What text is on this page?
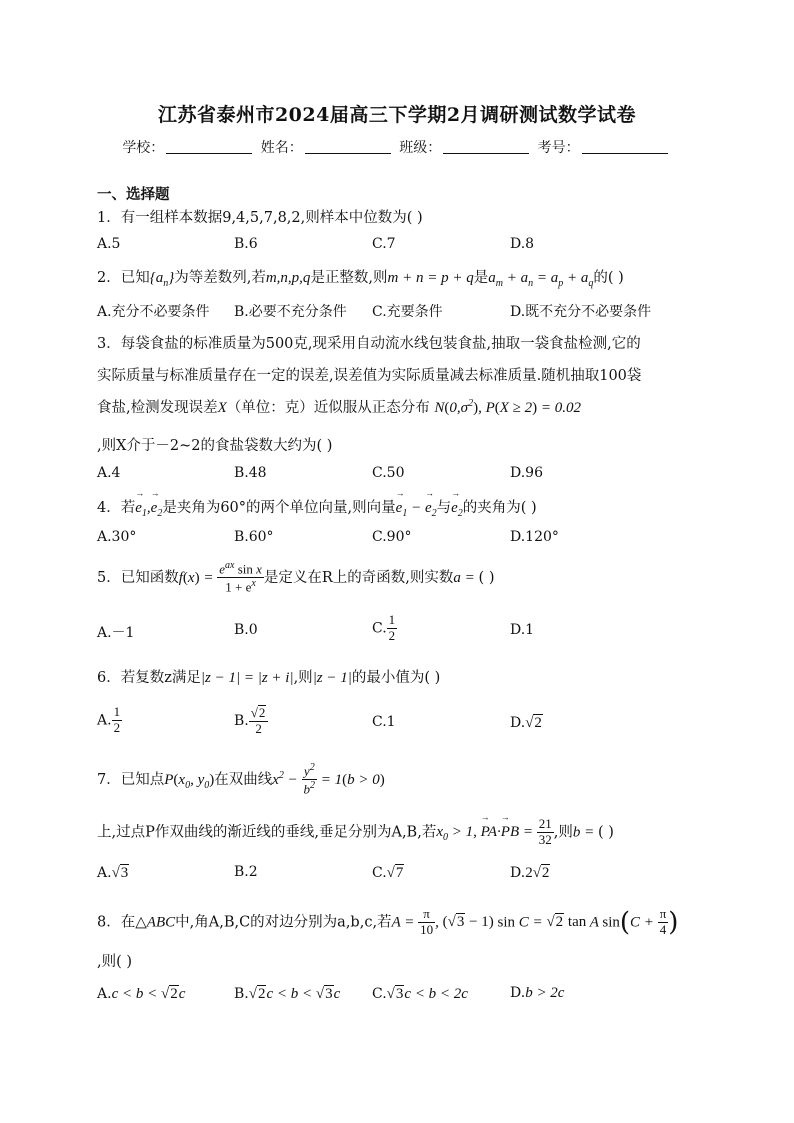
江苏省泰州市2024届高三下学期2月调研测试数学试卷
学校：	姓名：	班级：	考号：
一、选择题
1．有一组样本数据9,4,5,7,8,2,则样本中位数为( )
A.5	B.6	C.7	D.8
2．已知$\{a_n\}$为等差数列,若m,n,p,q是正整数,则m + n = p + q是$a_m + a_n = a_p + a_q$的( )
A.充分不必要条件 B.必要不充分条件 C.充要条件	D.既不充分不必要条件
3．每袋食盐的标准质量为500克,现采用自动流水线包装食盐,抽取一袋食盐检测,它的
实际质量与标准质量存在一定的误差,误差值为实际质量减去标准质量.随机抽取100袋
食盐,检测发现误差X（单位：克）近似服从正态分布 $N(0,\sigma^2)$, P(X ≥ 2) = 0.02
,则X介于－2~2的食盐袋数大约为( )
A.4	B.48	C.50	D.96
4．若→ $e_1,\to e_2$是夹角为60°的两个单位向量,则向量→ $e_1$ − → $e_2$与→ $e_2$的夹角为( )
A.30°	B.60°	C.90°	D.120°
5．已知函数$f(x) = \frac{e^{ax} \sin x}{1 + e^x}$ 是定义在R上的奇函数,则实数a = ( )
A.－1	B.0	C. $\frac{1}{2}$	D.1
6．若复数z满足|z − 1| = |z + i|,则|z − 1|的最小值为( )
A. $\frac{1}{2}$	B. $\frac{√2}{2}$	C.1	D.√2
7．已知点$P(x_0$, $y_0$)在双曲线$x^2 - \frac{y^2}{b^2} = 1(b > 0)$
上,过点P作双曲线的渐近线的垂线,垂足分别为A,B,若$x_0 > 1$, → PA·→ PB = $\frac{21}{32}$ ,则b = ( )
A.√3	B.2	C.√7	D.2√2
8．在△ABC中,角A,B,C的对边分别为a,b,c,若$A = \frac{\pi}{10}$ , (√3 − 1) sin C = √2 tan A $\sin(C + \frac{\pi}{4}$ )
,则( )
A.c < b < √2c	B.√2c < b < √3c C.√3c < b < 2c	D.b > 2c
